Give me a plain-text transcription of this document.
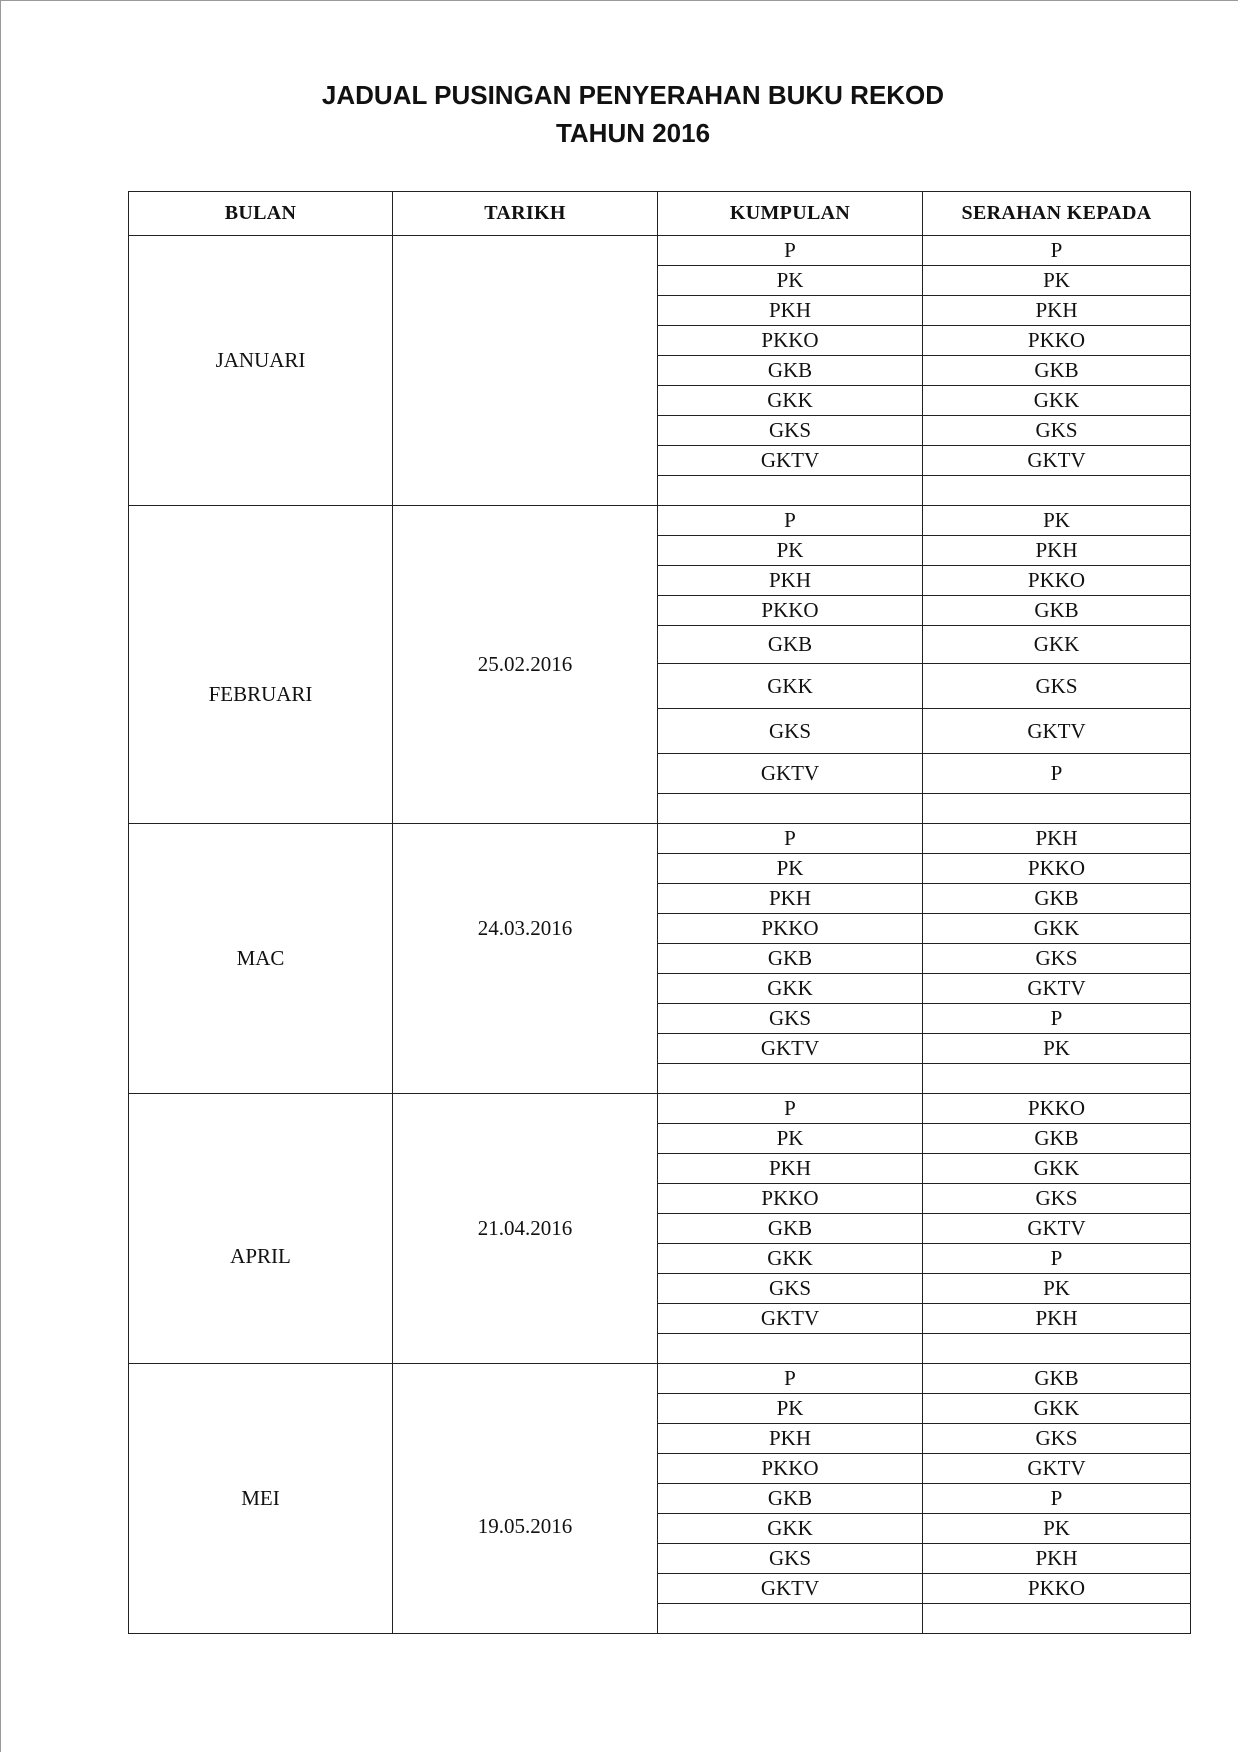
JADUAL PUSINGAN PENYERAHAN BUKU REKOD
TAHUN 2016
BULAN	TARIKH	KUMPULAN	SERAHAN KEPADA
JANUARI		P	P
		PK	PK
		PKH	PKH
		PKKO	PKKO
		GKB	GKB
		GKK	GKK
		GKS	GKS
		GKTV	GKTV

FEBRUARI	25.02.2016	P	PK
		PK	PKH
		PKH	PKKO
		PKKO	GKB
		GKB	GKK
		GKK	GKS
		GKS	GKTV
		GKTV	P

MAC	24.03.2016	P	PKH
		PK	PKKO
		PKH	GKB
		PKKO	GKK
		GKB	GKS
		GKK	GKTV
		GKS	P
		GKTV	PK

APRIL	21.04.2016	P	PKKO
		PK	GKB
		PKH	GKK
		PKKO	GKS
		GKB	GKTV
		GKK	P
		GKS	PK
		GKTV	PKH

MEI	19.05.2016	P	GKB
		PK	GKK
		PKH	GKS
		PKKO	GKTV
		GKB	P
		GKK	PK
		GKS	PKH
		GKTV	PKKO
